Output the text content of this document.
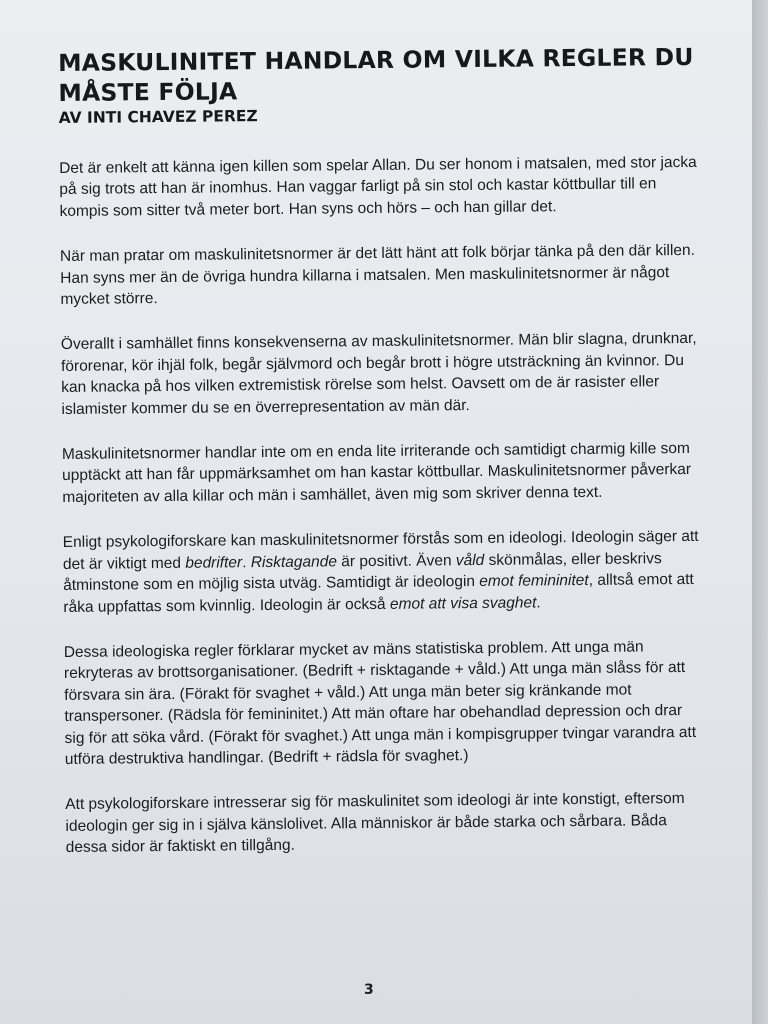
MASKULINITET HANDLAR OM VILKA REGLER DU MÅSTE FÖLJA
AV INTI CHAVEZ PEREZ

Det är enkelt att känna igen killen som spelar Allan. Du ser honom i matsalen, med stor jacka på sig trots att han är inomhus. Han vaggar farligt på sin stol och kastar köttbullar till en kompis som sitter två meter bort. Han syns och hörs – och han gillar det.

När man pratar om maskulinitetsnormer är det lätt hänt att folk börjar tänka på den där killen. Han syns mer än de övriga hundra killarna i matsalen. Men maskulinitetsnormer är något mycket större.

Överallt i samhället finns konsekvenserna av maskulinitetsnormer. Män blir slagna, drunknar, förorenar, kör ihjäl folk, begår självmord och begår brott i högre utsträckning än kvinnor. Du kan knacka på hos vilken extremistisk rörelse som helst. Oavsett om de är rasister eller islamister kommer du se en överrepresentation av män där.

Maskulinitetsnormer handlar inte om en enda lite irriterande och samtidigt charmig kille som upptäckt att han får uppmärksamhet om han kastar köttbullar. Maskulinitetsnormer påverkar majoriteten av alla killar och män i samhället, även mig som skriver denna text.

Enligt psykologiforskare kan maskulinitetsnormer förstås som en ideologi. Ideologin säger att det är viktigt med bedrifter. Risktagande är positivt. Även våld skönmålas, eller beskrivs åtminstone som en möjlig sista utväg. Samtidigt är ideologin emot femininitet, alltså emot att råka uppfattas som kvinnlig. Ideologin är också emot att visa svaghet.

Dessa ideologiska regler förklarar mycket av mäns statistiska problem. Att unga män rekryteras av brottsorganisationer. (Bedrift + risktagande + våld.) Att unga män slåss för att försvara sin ära. (Förakt för svaghet + våld.) Att unga män beter sig kränkande mot transpersoner. (Rädsla för femininitet.) Att män oftare har obehandlad depression och drar sig för att söka vård. (Förakt för svaghet.) Att unga män i kompisgrupper tvingar varandra att utföra destruktiva handlingar. (Bedrift + rädsla för svaghet.)

Att psykologiforskare intresserar sig för maskulinitet som ideologi är inte konstigt, eftersom ideologin ger sig in i själva känslolivet. Alla människor är både starka och sårbara. Båda dessa sidor är faktiskt en tillgång.

3
